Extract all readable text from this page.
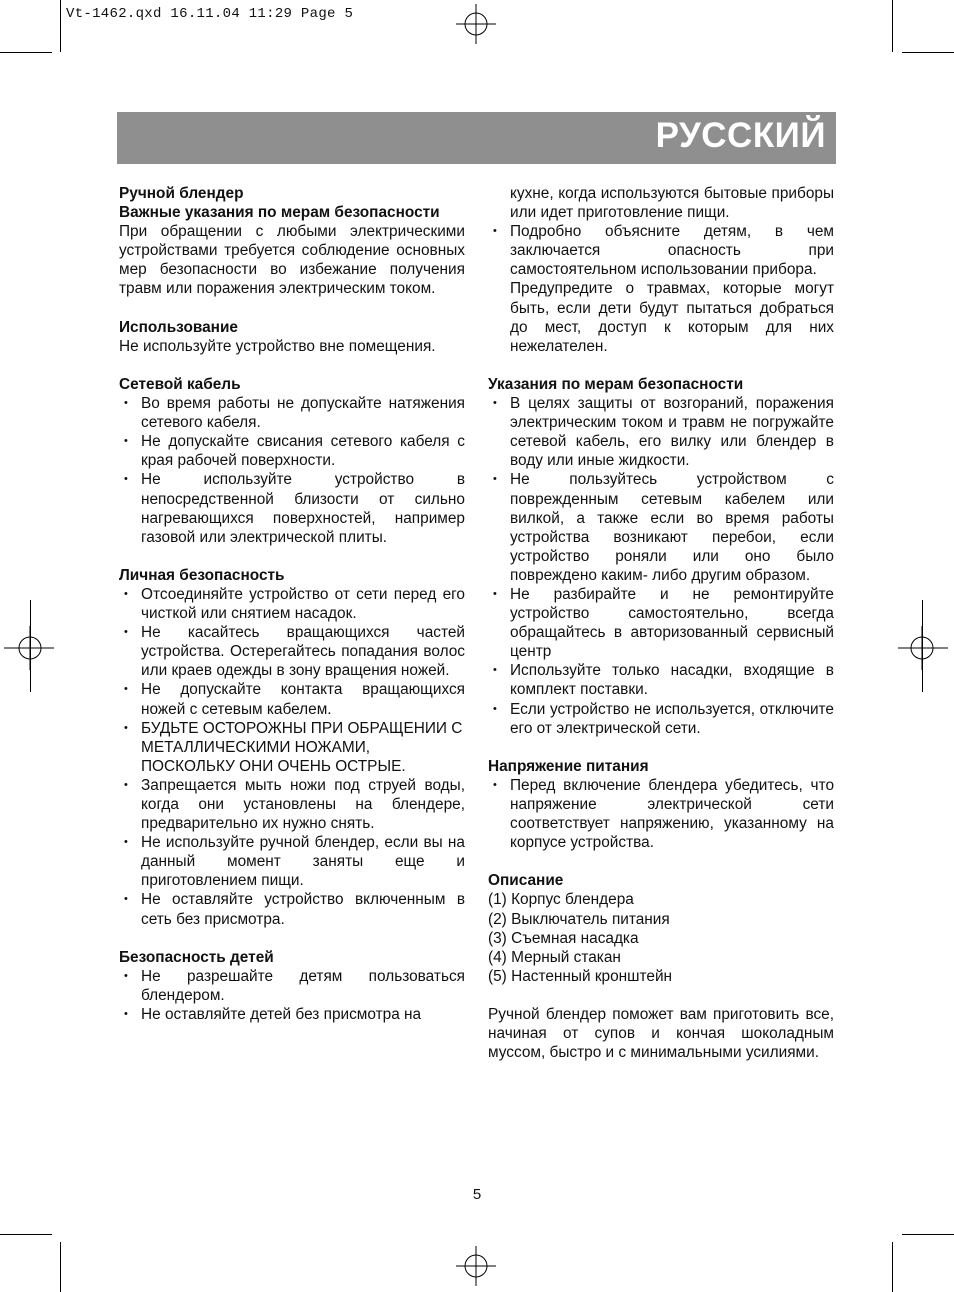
Vt-1462.qxd 16.11.04 11:29 Page 5
РУССКИЙ

Ручной блендер

Важные указания по мерам безопасности

При обращении с любыми электрическими устройствами требуется соблюдение основных мер безопасности во избежание получения травм или поражения электрическим током.

Использование

Не используйте устройство вне помещения.

Сетевой кабель

• Во время работы не допускайте натяжения сетевого кабеля.
• Не допускайте свисания сетевого кабеля с края рабочей поверхности.
• Не используйте устройство в непосредственной близости от сильно нагревающихся поверхностей, например газовой или электрической плиты.

Личная безопасность

• Отсоединяйте устройство от сети перед его чисткой или снятием насадок.
• Не касайтесь вращающихся частей устройства. Остерегайтесь попадания волос или краев одежды в зону вращения ножей.
• Не допускайте контакта вращающихся ножей с сетевым кабелем.
• БУДЬТЕ ОСТОРОЖНЫ ПРИ ОБРАЩЕНИИ С МЕТАЛЛИЧЕСКИМИ НОЖАМИ, ПОСКОЛЬКУ ОНИ ОЧЕНЬ ОСТРЫЕ.
• Запрещается мыть ножи под струей воды, когда они установлены на блендере, предварительно их нужно снять.
• Не используйте ручной блендер, если вы на данный момент заняты еще и приготовлением пищи.
• Не оставляйте устройство включенным в сеть без присмотра.

Безопасность детей

• Не разрешайте детям пользоваться блендером.
• Не оставляйте детей без присмотра на

кухне, когда используются бытовые приборы или идет приготовление пищи.

• Подробно объясните детям, в чем заключается опасность при самостоятельном использовании прибора.

Предупредите о травмах, которые могут быть, если дети будут пытаться добраться до мест, доступ к которым для них нежелателен.

Указания по мерам безопасности

• В целях защиты от возгораний, поражения электрическим током и травм не погружайте сетевой кабель, его вилку или блендер в воду или иные жидкости.
• Не пользуйтесь устройством с поврежденным сетевым кабелем или вилкой, а также если во время работы устройства возникают перебои, если устройство роняли или оно было повреждено каким- либо другим образом.
• Не разбирайте и не ремонтируйте устройство самостоятельно, всегда обращайтесь в авторизованный сервисный центр
• Используйте только насадки, входящие в комплект поставки.
• Если устройство не используется, отключите его от электрической сети.

Напряжение питания

• Перед включение блендера убедитесь, что напряжение электрической сети соответствует напряжению, указанному на корпусе устройства.

Описание

(1) Корпус блендера

(2) Выключатель питания

(3) Съемная насадка

(4) Мерный стакан

(5) Настенный кронштейн

Ручной блендер поможет вам приготовить все, начиная от супов и кончая шоколадным муссом, быстро и с минимальными усилиями.

5
